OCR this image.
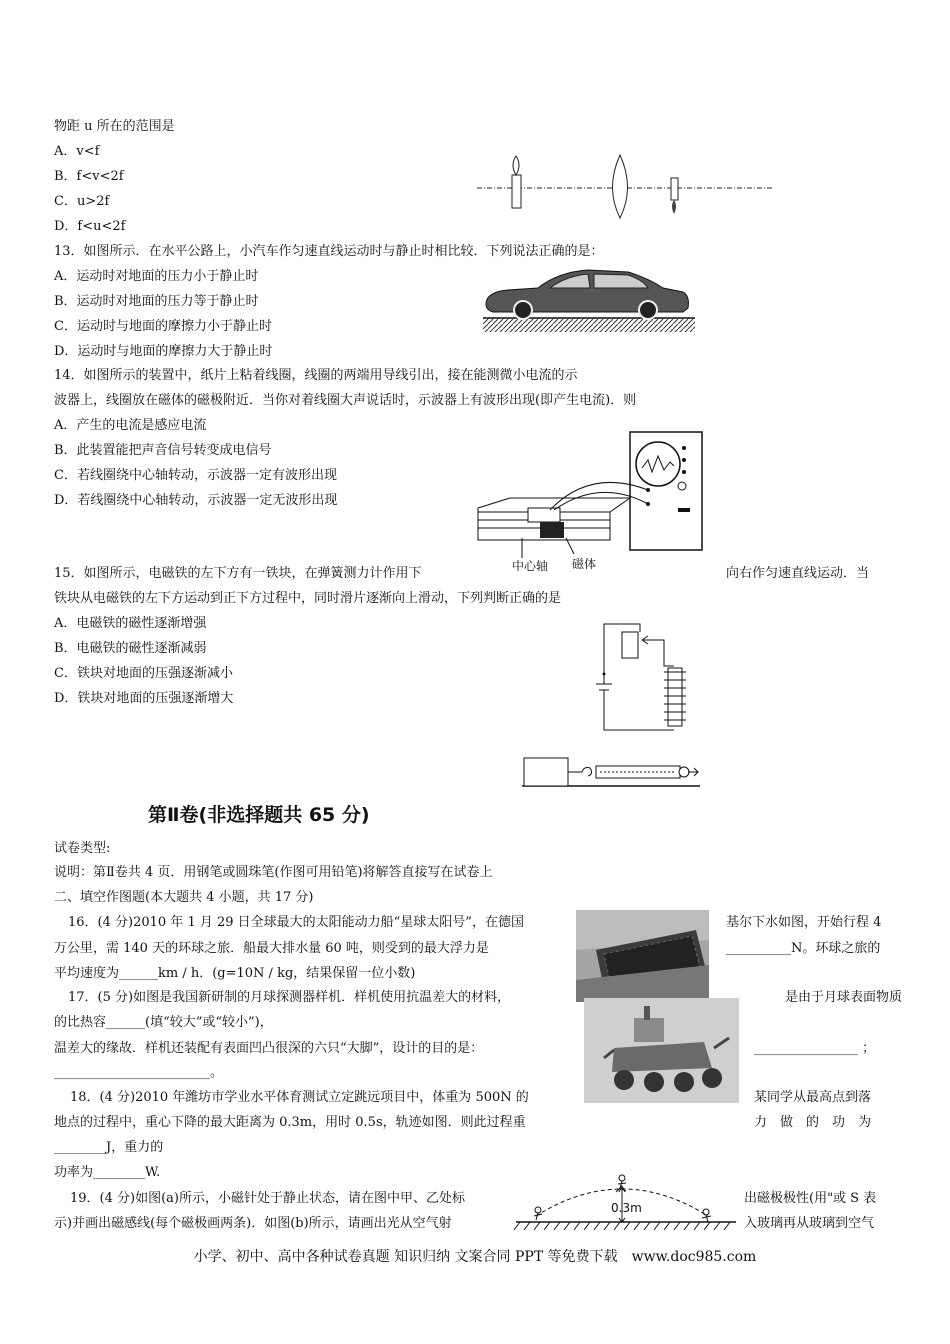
物距 u 所在的范围是
A．v<f
B．f<v<2f
C．u>2f
D．f<u<2f
13．如图所示．在水平公路上，小汽车作匀速直线运动时与静止时相比较．下列说法正确的是：
A．运动时对地面的压力小于静止时
B．运动时对地面的压力等于静止时
C．运动时与地面的摩擦力小于静止时
D．运动时与地面的摩擦力大于静止时
14．如图所示的装置中，纸片上粘着线圈，线圈的两端用导线引出，接在能测微小电流的示
波器上，线圈放在磁体的磁极附近．当你对着线圈大声说话时，示波器上有波形出现(即产生电流)．则
A．产生的电流是感应电流
B．此装置能把声音信号转变成电信号
C．若线圈绕中心轴转动，示波器一定有波形出现
D．若线圈绕中心轴转动，示波器一定无波形出现
中心轴 磁体
15．如图所示，电磁铁的左下方有一铁块，在弹簧测力计作用下	向右作匀速直线运动．当
铁块从电磁铁的左下方运动到正下方过程中，同时滑片逐渐向上滑动，下列判断正确的是
A．电磁铁的磁性逐渐增强
B．电磁铁的磁性逐渐减弱
C．铁块对地面的压强逐渐减小
D．铁块对地面的压强逐渐增大
第Ⅱ卷(非选择题共 65 分)
试卷类型:
说明：第Ⅱ卷共 4 页．用钢笔或圆珠笔(作图可用铅笔)将解答直接写在试卷上
二、填空作图题(本大题共 4 小题，共 17 分)
16．(4 分)2010 年 1 月 29 日全球最大的太阳能动力船“星球太阳号”，在德国	基尔下水如图，开始行程 4
万公里，需 140 天的环球之旅．船最大排水量 60 吨，则受到的最大浮力是	__________N。环球之旅的
平均速度为______km / h．(g=10N / kg，结果保留一位小数)
17．(5 分)如图是我国新研制的月球探测器样机．样机使用抗温差大的材料，	是由于月球表面物质
的比热容______(填“较大”或“较小”)，
温差大的缘故．样机还装配有表面凹凸很深的六只“大脚”，设计的目的是：	________________ ；
________________________。
18．(4 分)2010 年潍坊市学业水平体育测试立定跳远项目中，体重为 500N 的	某同学从最高点到落
地点的过程中，重心下降的最大距离为 0.3m，用时 0.5s，轨迹如图．则此过程重	力　做　的　功　为
________J，重力的
功率为________W.
0.3m
19．(4 分)如图(a)所示，小磁针处于静止状态，请在图中甲、乙处标	出磁极极性(用"或 S 表
示)并画出磁感线(每个磁极画两条)．如图(b)所示，请画出光从空气射	入玻璃再从玻璃到空气
小学、初中、高中各种试卷真题 知识归纳 文案合同 PPT 等免费下载　www.doc985.com
